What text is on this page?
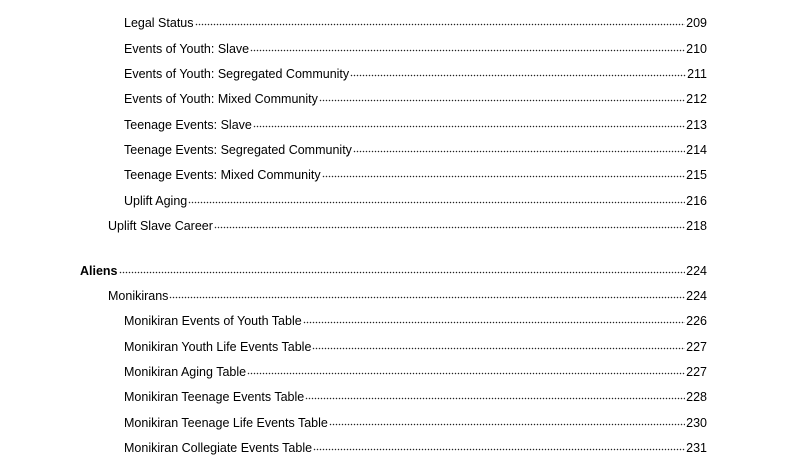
Legal Status	209
Events of Youth: Slave	210
Events of Youth: Segregated Community	211
Events of Youth: Mixed Community	212
Teenage Events: Slave	213
Teenage Events: Segregated Community	214
Teenage Events: Mixed Community	215
Uplift Aging	216
Uplift Slave Career	218
Aliens	224
Monikirans	224
Monikiran Events of Youth Table	226
Monikiran Youth Life Events Table	227
Monikiran Aging Table	227
Monikiran Teenage Events Table	228
Monikiran Teenage Life Events Table	230
Monikiran Collegiate Events Table	231
